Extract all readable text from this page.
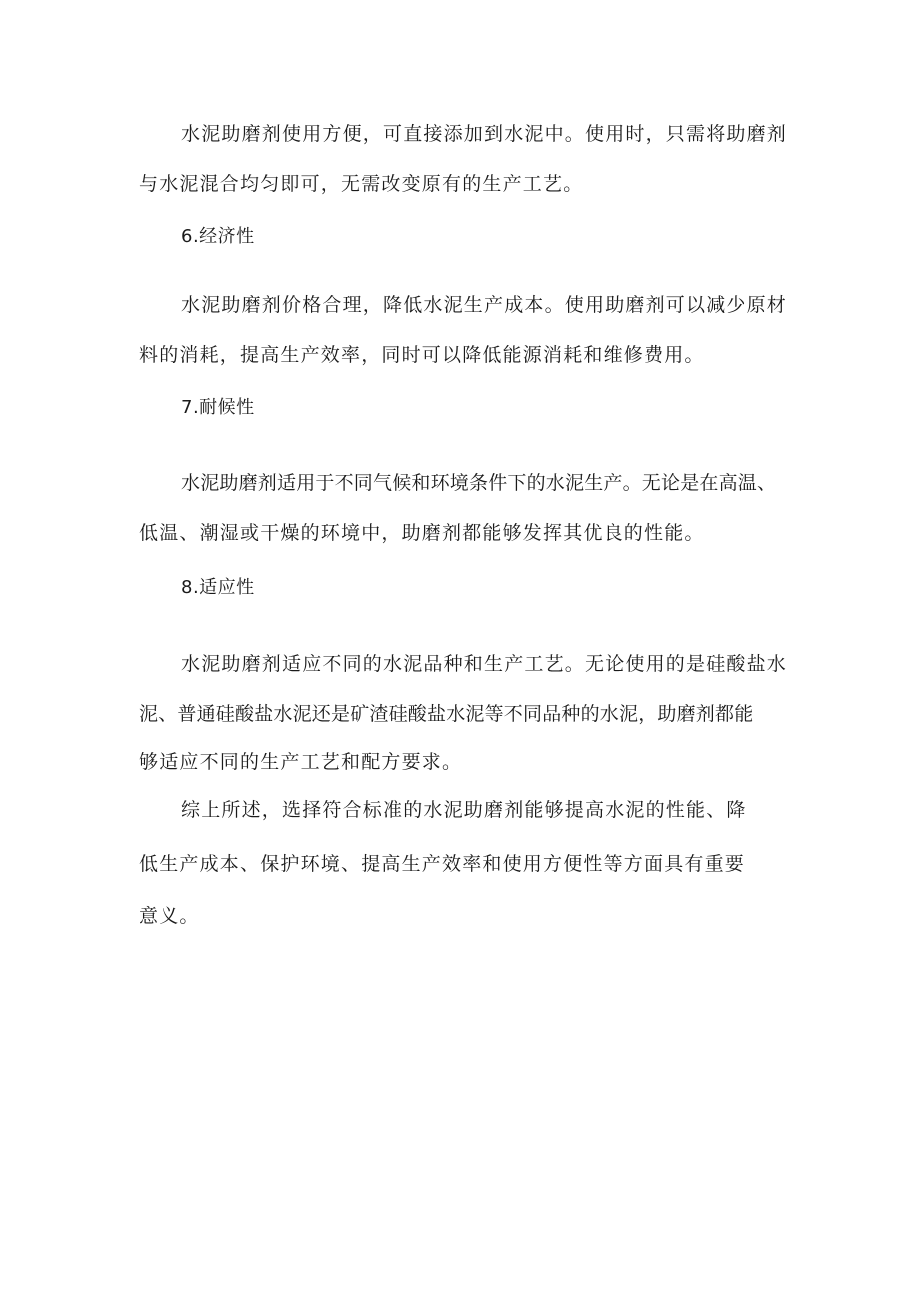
水泥助磨剂使用方便，可直接添加到水泥中。使用时，只需将助磨剂
与水泥混合均匀即可，无需改变原有的生产工艺。
6.经济性
水泥助磨剂价格合理，降低水泥生产成本。使用助磨剂可以减少原材
料的消耗，提高生产效率，同时可以降低能源消耗和维修费用。
7.耐候性
水泥助磨剂适用于不同气候和环境条件下的水泥生产。无论是在高温、
低温、潮湿或干燥的环境中，助磨剂都能够发挥其优良的性能。
8.适应性
水泥助磨剂适应不同的水泥品种和生产工艺。无论使用的是硅酸盐水
泥、普通硅酸盐水泥还是矿渣硅酸盐水泥等不同品种的水泥，助磨剂都能
够适应不同的生产工艺和配方要求。
综上所述，选择符合标准的水泥助磨剂能够提高水泥的性能、降
低生产成本、保护环境、提高生产效率和使用方便性等方面具有重要
意义。
